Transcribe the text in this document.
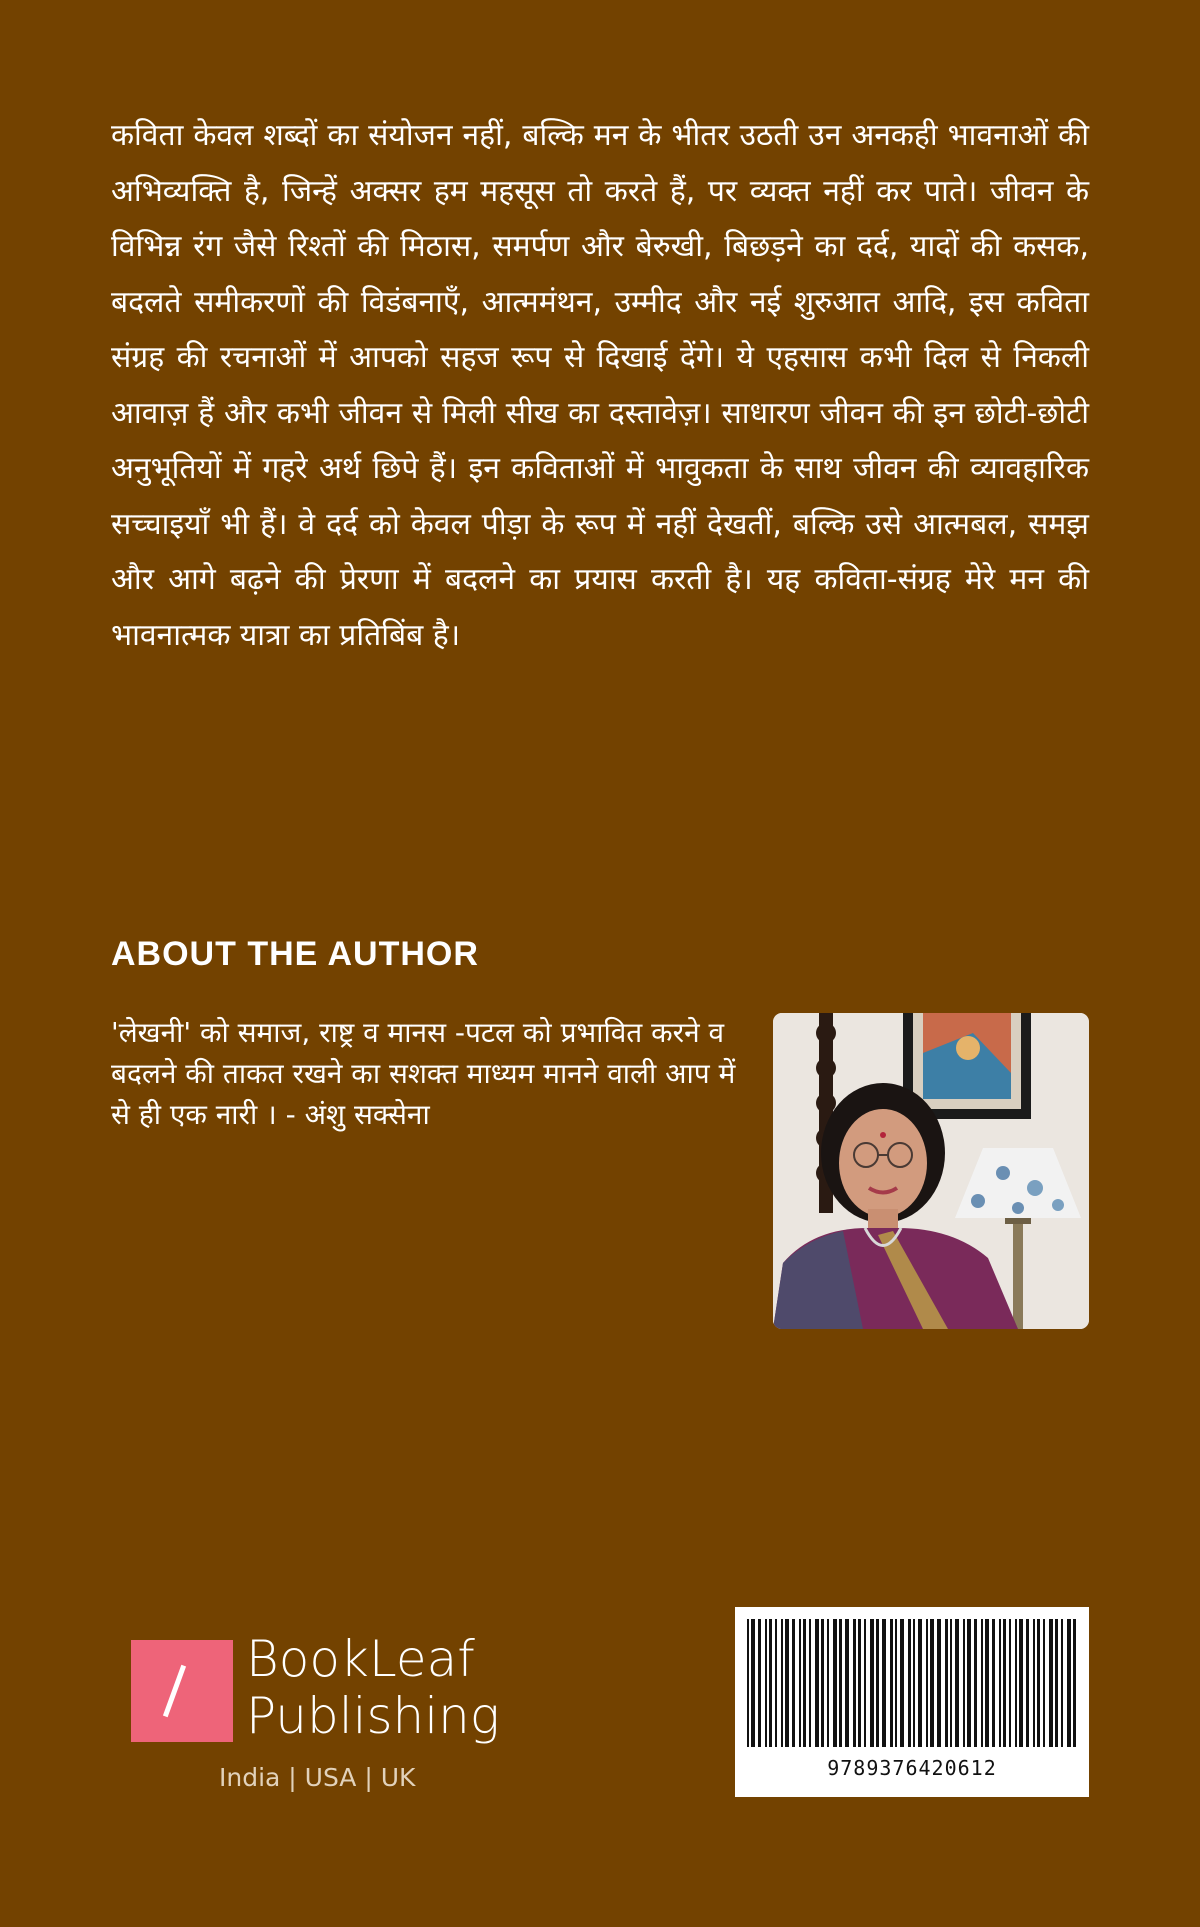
कविता केवल शब्दों का संयोजन नहीं, बल्कि मन के भीतर उठती उन अनकही भावनाओं की अभिव्यक्ति है, जिन्हें अक्सर हम महसूस तो करते हैं, पर व्यक्त नहीं कर पाते। जीवन के विभिन्न रंग जैसे रिश्तों की मिठास, समर्पण और बेरुखी, बिछड़ने का दर्द, यादों की कसक, बदलते समीकरणों की विडंबनाएँ, आत्ममंथन, उम्मीद और नई शुरुआत आदि, इस कविता संग्रह की रचनाओं में आपको सहज रूप से दिखाई देंगे। ये एहसास कभी दिल से निकली आवाज़ हैं और कभी जीवन से मिली सीख का दस्तावेज़। साधारण जीवन की इन छोटी-छोटी अनुभूतियों में गहरे अर्थ छिपे हैं। इन कविताओं में भावुकता के साथ जीवन की व्यावहारिक सच्चाइयाँ भी हैं। वे दर्द को केवल पीड़ा के रूप में नहीं देखतीं, बल्कि उसे आत्मबल, समझ और आगे बढ़ने की प्रेरणा में बदलने का प्रयास करती है। यह कविता-संग्रह मेरे मन की भावनात्मक यात्रा का प्रतिबिंब है।
ABOUT THE AUTHOR
'लेखनी' को समाज, राष्ट्र व मानस -पटल को प्रभावित करने व बदलने की ताकत रखने का सशक्त माध्यम मानने वाली आप में से ही एक नारी । - अंशु सक्सेना
BookLeaf
Publishing
India | USA | UK	9789376420612
